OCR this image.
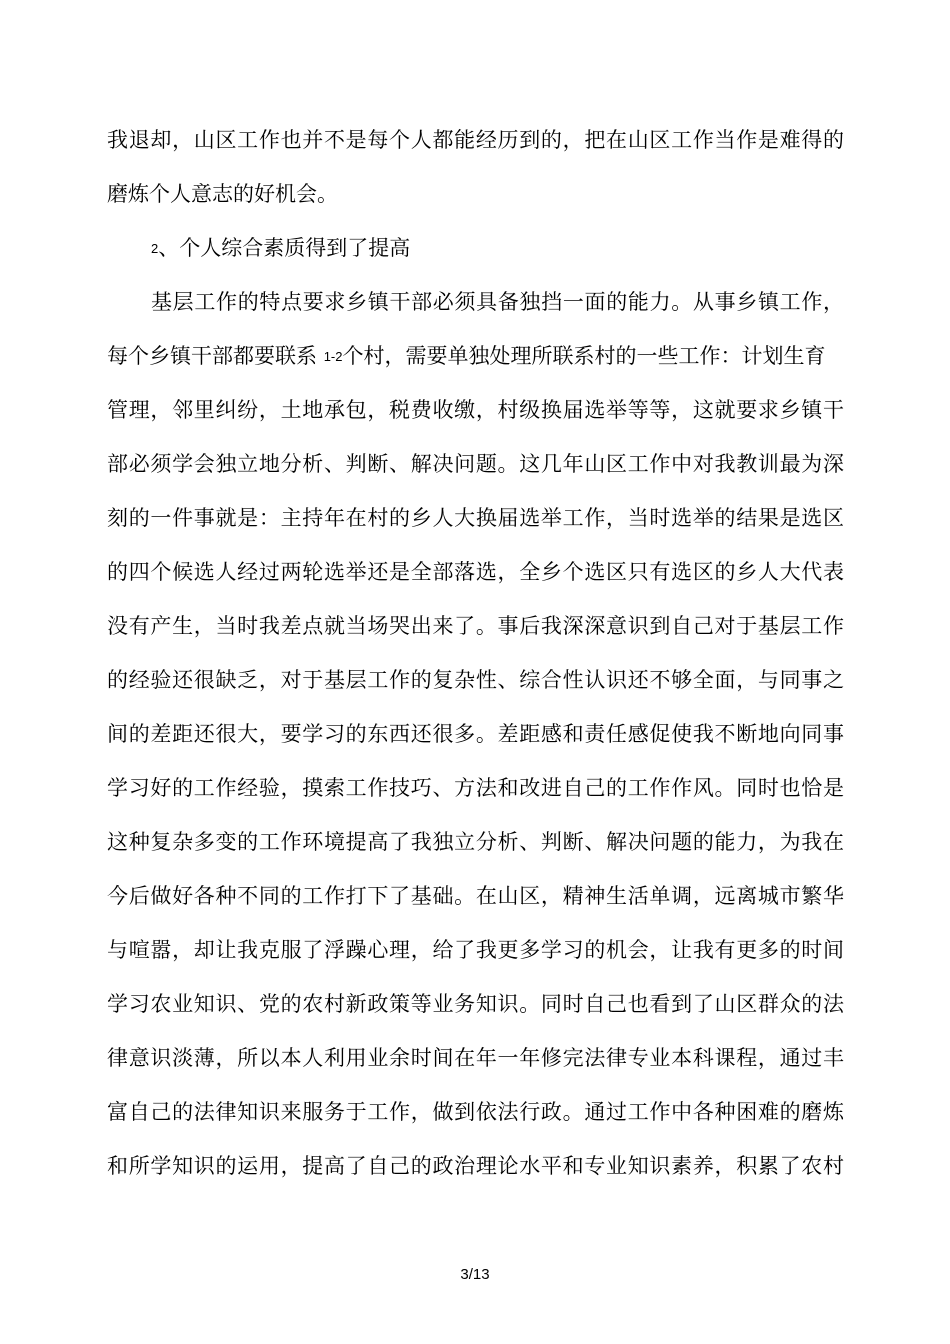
我退却，山区工作也并不是每个人都能经历到的，把在山区工作当作是难得的
磨炼个人意志的好机会。
2、个人综合素质得到了提高
基层工作的特点要求乡镇干部必须具备独挡一面的能力。从事乡镇工作，
每个乡镇干部都要联系 1-2个村，需要单独处理所联系村的一些工作：计划生育
管理，邻里纠纷，土地承包，税费收缴，村级换届选举等等，这就要求乡镇干
部必须学会独立地分析、判断、解决问题。这几年山区工作中对我教训最为深
刻的一件事就是：主持年在村的乡人大换届选举工作，当时选举的结果是选区
的四个候选人经过两轮选举还是全部落选，全乡个选区只有选区的乡人大代表
没有产生，当时我差点就当场哭出来了。事后我深深意识到自己对于基层工作
的经验还很缺乏，对于基层工作的复杂性、综合性认识还不够全面，与同事之
间的差距还很大，要学习的东西还很多。差距感和责任感促使我不断地向同事
学习好的工作经验，摸索工作技巧、方法和改进自己的工作作风。同时也恰是
这种复杂多变的工作环境提高了我独立分析、判断、解决问题的能力，为我在
今后做好各种不同的工作打下了基础。在山区，精神生活单调，远离城市繁华
与喧嚣，却让我克服了浮躁心理，给了我更多学习的机会，让我有更多的时间
学习农业知识、党的农村新政策等业务知识。同时自己也看到了山区群众的法
律意识淡薄，所以本人利用业余时间在年一年修完法律专业本科课程，通过丰
富自己的法律知识来服务于工作，做到依法行政。通过工作中各种困难的磨炼
和所学知识的运用，提高了自己的政治理论水平和专业知识素养，积累了农村
3/13
